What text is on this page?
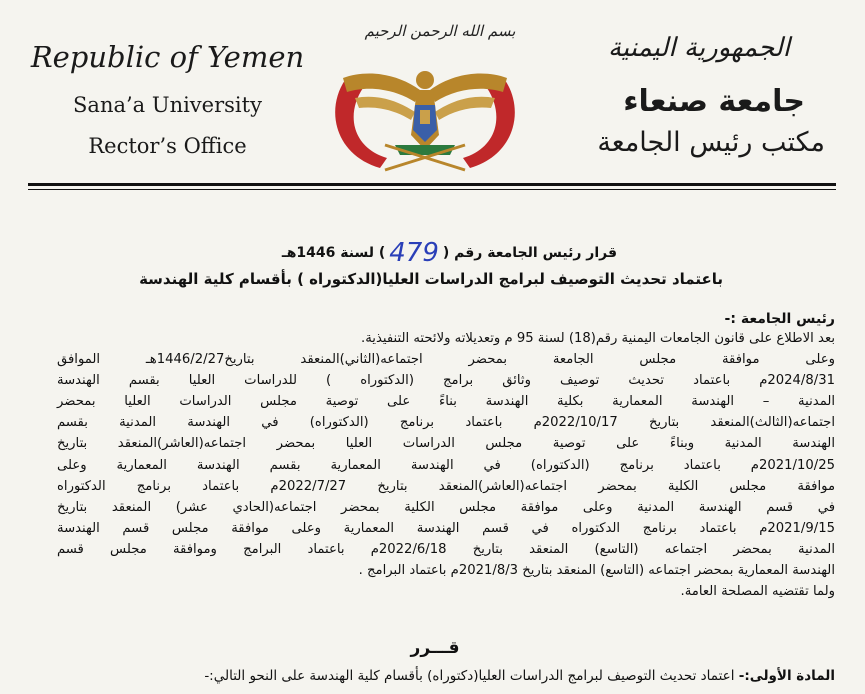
Republic of Yemen
Sana’a University
Rector’s Office
الجمهورية اليمنية
جامعة صنعاء
مكتب رئيس الجامعة
بسم الله الرحمن الرحيم
قرار رئيس الجامعة رقم (479) لسنة 1446هـ
باعتماد تحديث التوصيف لبرامج الدراسات العليا(الدكتوراه ) بأقسام كلية الهندسة
رئيس الجامعة :-
بعد الاطلاع على قانون الجامعات اليمنية رقم(18) لسنة 95 م وتعديلاته ولائحته التنفيذية.
وعلى موافقة مجلس الجامعة بمحضر اجتماعه(الثاني)المنعقد بتاريخ1446/2/27هـ الموافق
2024/8/31م باعتماد تحديث توصيف وثائق برامج (الدكتوراه ) للدراسات العليا بقسم الهندسة
المدنية – الهندسة المعمارية بكلية الهندسة بناءً على توصية مجلس الدراسات العليا بمحضر
اجتماعه(الثالث)المنعقد بتاريخ 2022/10/17م باعتماد برنامج (الدكتوراه) في الهندسة المدنية بقسم
الهندسة المدنية وبناءً على توصية مجلس الدراسات العليا بمحضر اجتماعه(العاشر)المنعقد بتاريخ
2021/10/25م باعتماد برنامج (الدكتوراه) في الهندسة المعمارية بقسم الهندسة المعمارية وعلى
موافقة مجلس الكلية بمحضر اجتماعه(العاشر)المنعقد بتاريخ 2022/7/27م باعتماد برنامج الدكتوراه
في قسم الهندسة المدنية وعلى موافقة مجلس الكلية بمحضر اجتماعه(الحادي عشر) المنعقد بتاريخ
2021/9/15م باعتماد برنامج الدكتوراه في قسم الهندسة المعمارية وعلى موافقة مجلس قسم الهندسة
المدنية بمحضر اجتماعه (التاسع) المنعقد بتاريخ 2022/6/18م باعتماد البرامج وموافقة مجلس قسم
الهندسة المعمارية بمحضر اجتماعه (التاسع) المنعقد بتاريخ 2021/8/3م باعتماد البرامج .
ولما تقتضيه المصلحة العامة.
قـــرر
المادة الأولى:- اعتماد تحديث التوصيف لبرامج الدراسات العليا(دكتوراه) بأقسام كلية الهندسة على النحو التالي:-
